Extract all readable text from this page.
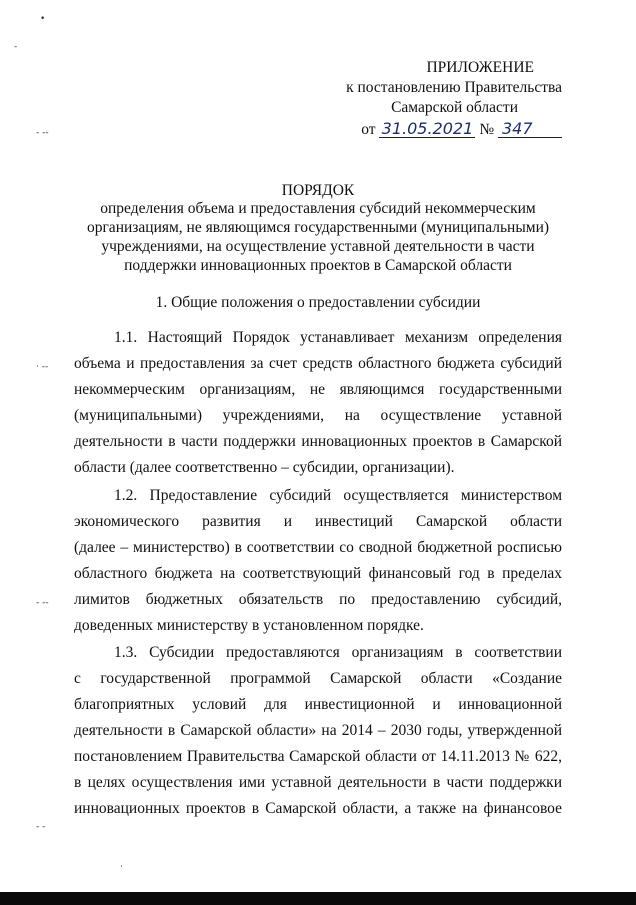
•
-
‑ ‑‑
· ‑‑
‑ ‑‑
‑ ‑
·
ПРИЛОЖЕНИЕ
к постановлению Правительства
Самарской области
от 31.05.2021 № 347
ПОРЯДОК
определения объема и предоставления субсидий некоммерческим
организациям, не являющимся государственными (муниципальными)
учреждениями, на осуществление уставной деятельности в части
поддержки инновационных проектов в Самарской области
1. Общие положения о предоставлении субсидии
1.1. Настоящий Порядок устанавливает механизм определения
объема и предоставления за счет средств областного бюджета субсидий
некоммерческим организациям, не являющимся государственными
(муниципальными) учреждениями, на осуществление уставной
деятельности в части поддержки инновационных проектов в Самарской
области (далее соответственно – субсидии, организации).
1.2. Предоставление субсидий осуществляется министерством
экономического развития и инвестиций Самарской области
(далее – министерство) в соответствии со сводной бюджетной росписью
областного бюджета на соответствующий финансовый год в пределах
лимитов бюджетных обязательств по предоставлению субсидий,
доведенных министерству в установленном порядке.
1.3. Субсидии предоставляются организациям в соответствии
с государственной программой Самарской области «Создание
благоприятных условий для инвестиционной и инновационной
деятельности в Самарской области» на 2014 – 2030 годы, утвержденной
постановлением Правительства Самарской области от 14.11.2013 № 622,
в целях осуществления ими уставной деятельности в части поддержки
инновационных проектов в Самарской области, а также на финансовое
